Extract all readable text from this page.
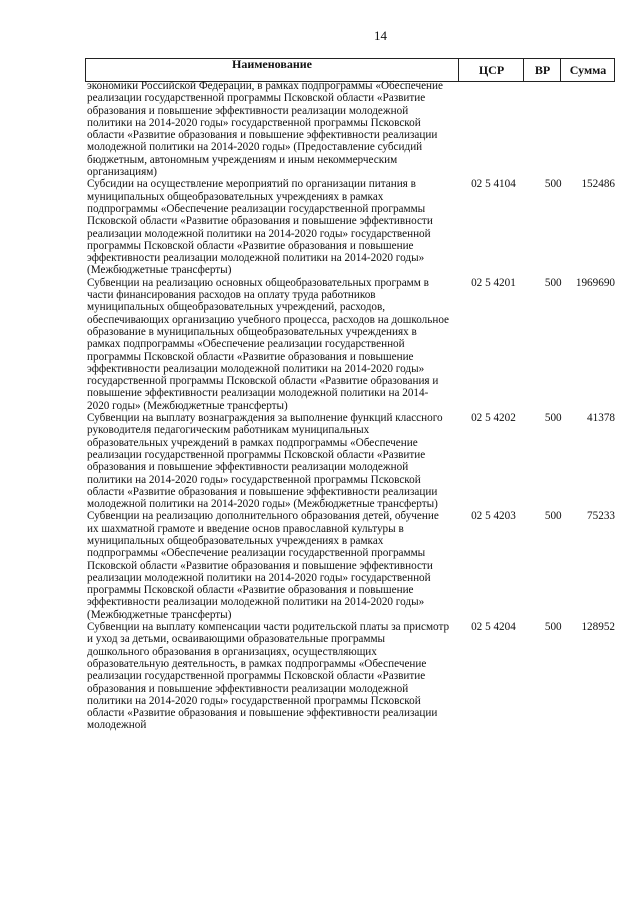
14
Наименование	ЦСР	ВР	Сумма
экономики Российской Федерации, в рамках подпрограммы «Обеспечение реализации государственной программы Псковской области «Развитие образования и повышение эффективности реализации молодежной политики на 2014-2020 годы» государственной программы Псковской области «Развитие образования и повышение эффективности реализации молодежной политики на 2014-2020 годы» (Предоставление субсидий бюджетным, автономным учреждениям и иным некоммерческим организациям)
Субсидии на осуществление мероприятий по организации питания в муниципальных общеобразовательных учреждениях в рамках подпрограммы «Обеспечение реализации государственной программы Псковской области «Развитие образования и повышение эффективности реализации молодежной политики на 2014-2020 годы» государственной программы Псковской области «Развитие образования и повышение эффективности реализации молодежной политики на 2014-2020 годы» (Межбюджетные трансферты)
02 5 4104	500	152486
Субвенции на реализацию основных общеобразовательных программ в части финансирования расходов на оплату труда работников муниципальных общеобразовательных учреждений, расходов, обеспечивающих организацию учебного процесса, расходов на дошкольное образование в муниципальных общеобразовательных учреждениях в рамках подпрограммы «Обеспечение реализации государственной программы Псковской области «Развитие образования и повышение эффективности реализации молодежной политики на 2014-2020 годы» государственной программы Псковской области «Развитие образования и повышение эффективности реализации молодежной политики на 2014-2020 годы» (Межбюджетные трансферты)
02 5 4201	500	1969690
Субвенции на выплату вознаграждения за выполнение функций классного руководителя педагогическим работникам муниципальных образовательных учреждений в рамках подпрограммы «Обеспечение реализации государственной программы Псковской области «Развитие образования и повышение эффективности реализации молодежной политики на 2014-2020 годы» государственной программы Псковской области «Развитие образования и повышение эффективности реализации молодежной политики на 2014-2020 годы» (Межбюджетные трансферты)
02 5 4202	500	41378
Субвенции на реализацию дополнительного образования детей, обучение их шахматной грамоте и введение основ православной культуры в муниципальных общеобразовательных учреждениях в рамках подпрограммы «Обеспечение реализации государственной программы Псковской области «Развитие образования и повышение эффективности реализации молодежной политики на 2014-2020 годы» государственной программы Псковской области «Развитие образования и повышение эффективности реализации молодежной политики на 2014-2020 годы» (Межбюджетные трансферты)
02 5 4203	500	75233
Субвенции на выплату компенсации части родительской платы за присмотр и уход за детьми, осваивающими образовательные программы дошкольного образования в организациях, осуществляющих образовательную деятельность, в рамках подпрограммы «Обеспечение реализации государственной программы Псковской области «Развитие образования и повышение эффективности реализации молодежной политики на 2014-2020 годы» государственной программы Псковской области «Развитие образования и повышение эффективности реализации молодежной
02 5 4204	500	128952
